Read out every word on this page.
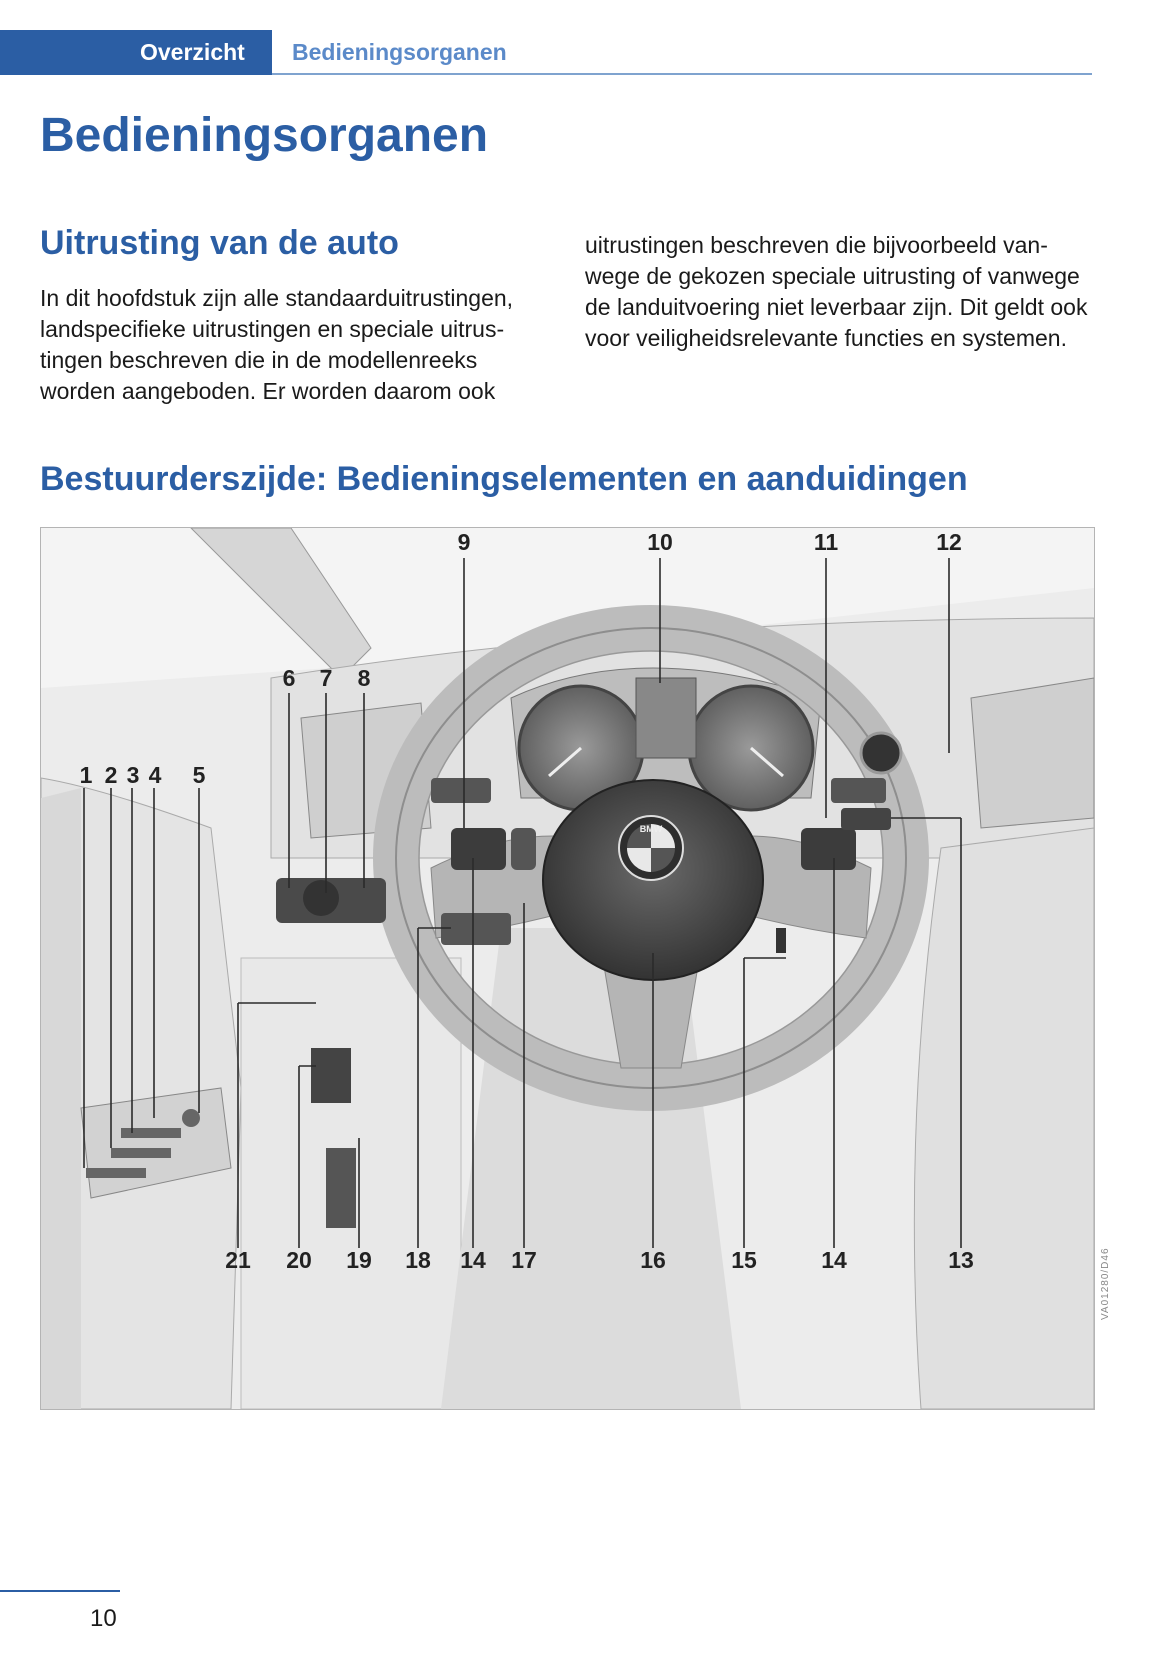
Overzicht	Bedieningsorganen
Bedieningsorganen
Uitrusting van de auto

In dit hoofdstuk zijn alle standaarduitrustingen, landspecifieke uitrustingen en speciale uitrustingen beschreven die in de modellenreeks worden aangeboden. Er worden daarom ook

uitrustingen beschreven die bijvoorbeeld vanwege de gekozen speciale uitrusting of vanwege de landuitvoering niet leverbaar zijn. Dit geldt ook voor veiligheidsrelevante functies en systemen.

Bestuurderszijde: Bedieningselementen en aanduidingen
BMW
9	10	11	12
6 7 8
1 2 3 4 5
21 20 19 18 14 17	16	15	14	13	VA01280/D46
10
